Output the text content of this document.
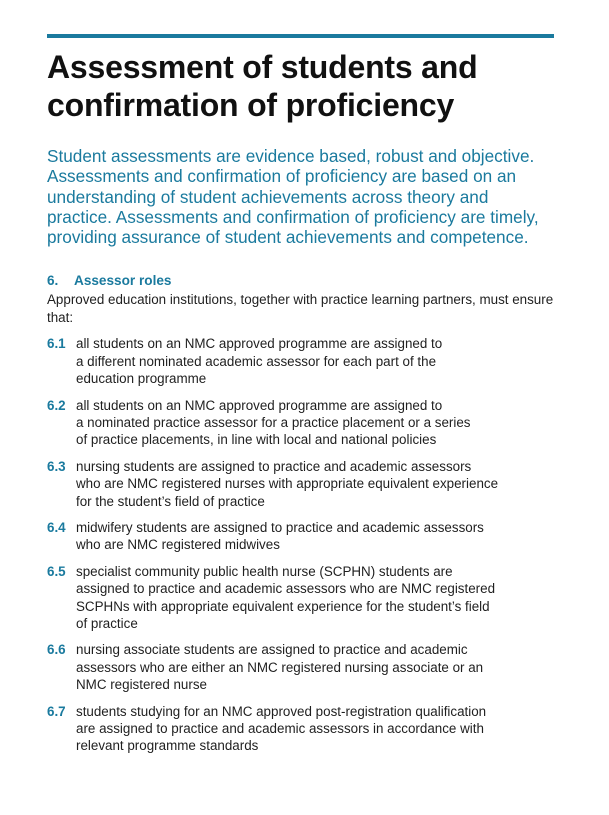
Assessment of students and
confirmation of proficiency

Student assessments are evidence based, robust and objective. Assessments and confirmation of proficiency are based on an understanding of student achievements across theory and practice. Assessments and confirmation of proficiency are timely, providing assurance of student achievements and competence.

6. Assessor roles

Approved education institutions, together with practice learning partners, must ensure that:

6.1 all students on an NMC approved programme are assigned to
a different nominated academic assessor for each part of the
education programme
6.2 all students on an NMC approved programme are assigned to
a nominated practice assessor for a practice placement or a series
of practice placements, in line with local and national policies
6.3 nursing students are assigned to practice and academic assessors
who are NMC registered nurses with appropriate equivalent experience
for the student’s field of practice
6.4 midwifery students are assigned to practice and academic assessors
who are NMC registered midwives
6.5 specialist community public health nurse (SCPHN) students are
assigned to practice and academic assessors who are NMC registered
SCPHNs with appropriate equivalent experience for the student’s field
of practice
6.6 nursing associate students are assigned to practice and academic
assessors who are either an NMC registered nursing associate or an
NMC registered nurse
6.7 students studying for an NMC approved post-registration qualification
are assigned to practice and academic assessors in accordance with
relevant programme standards
